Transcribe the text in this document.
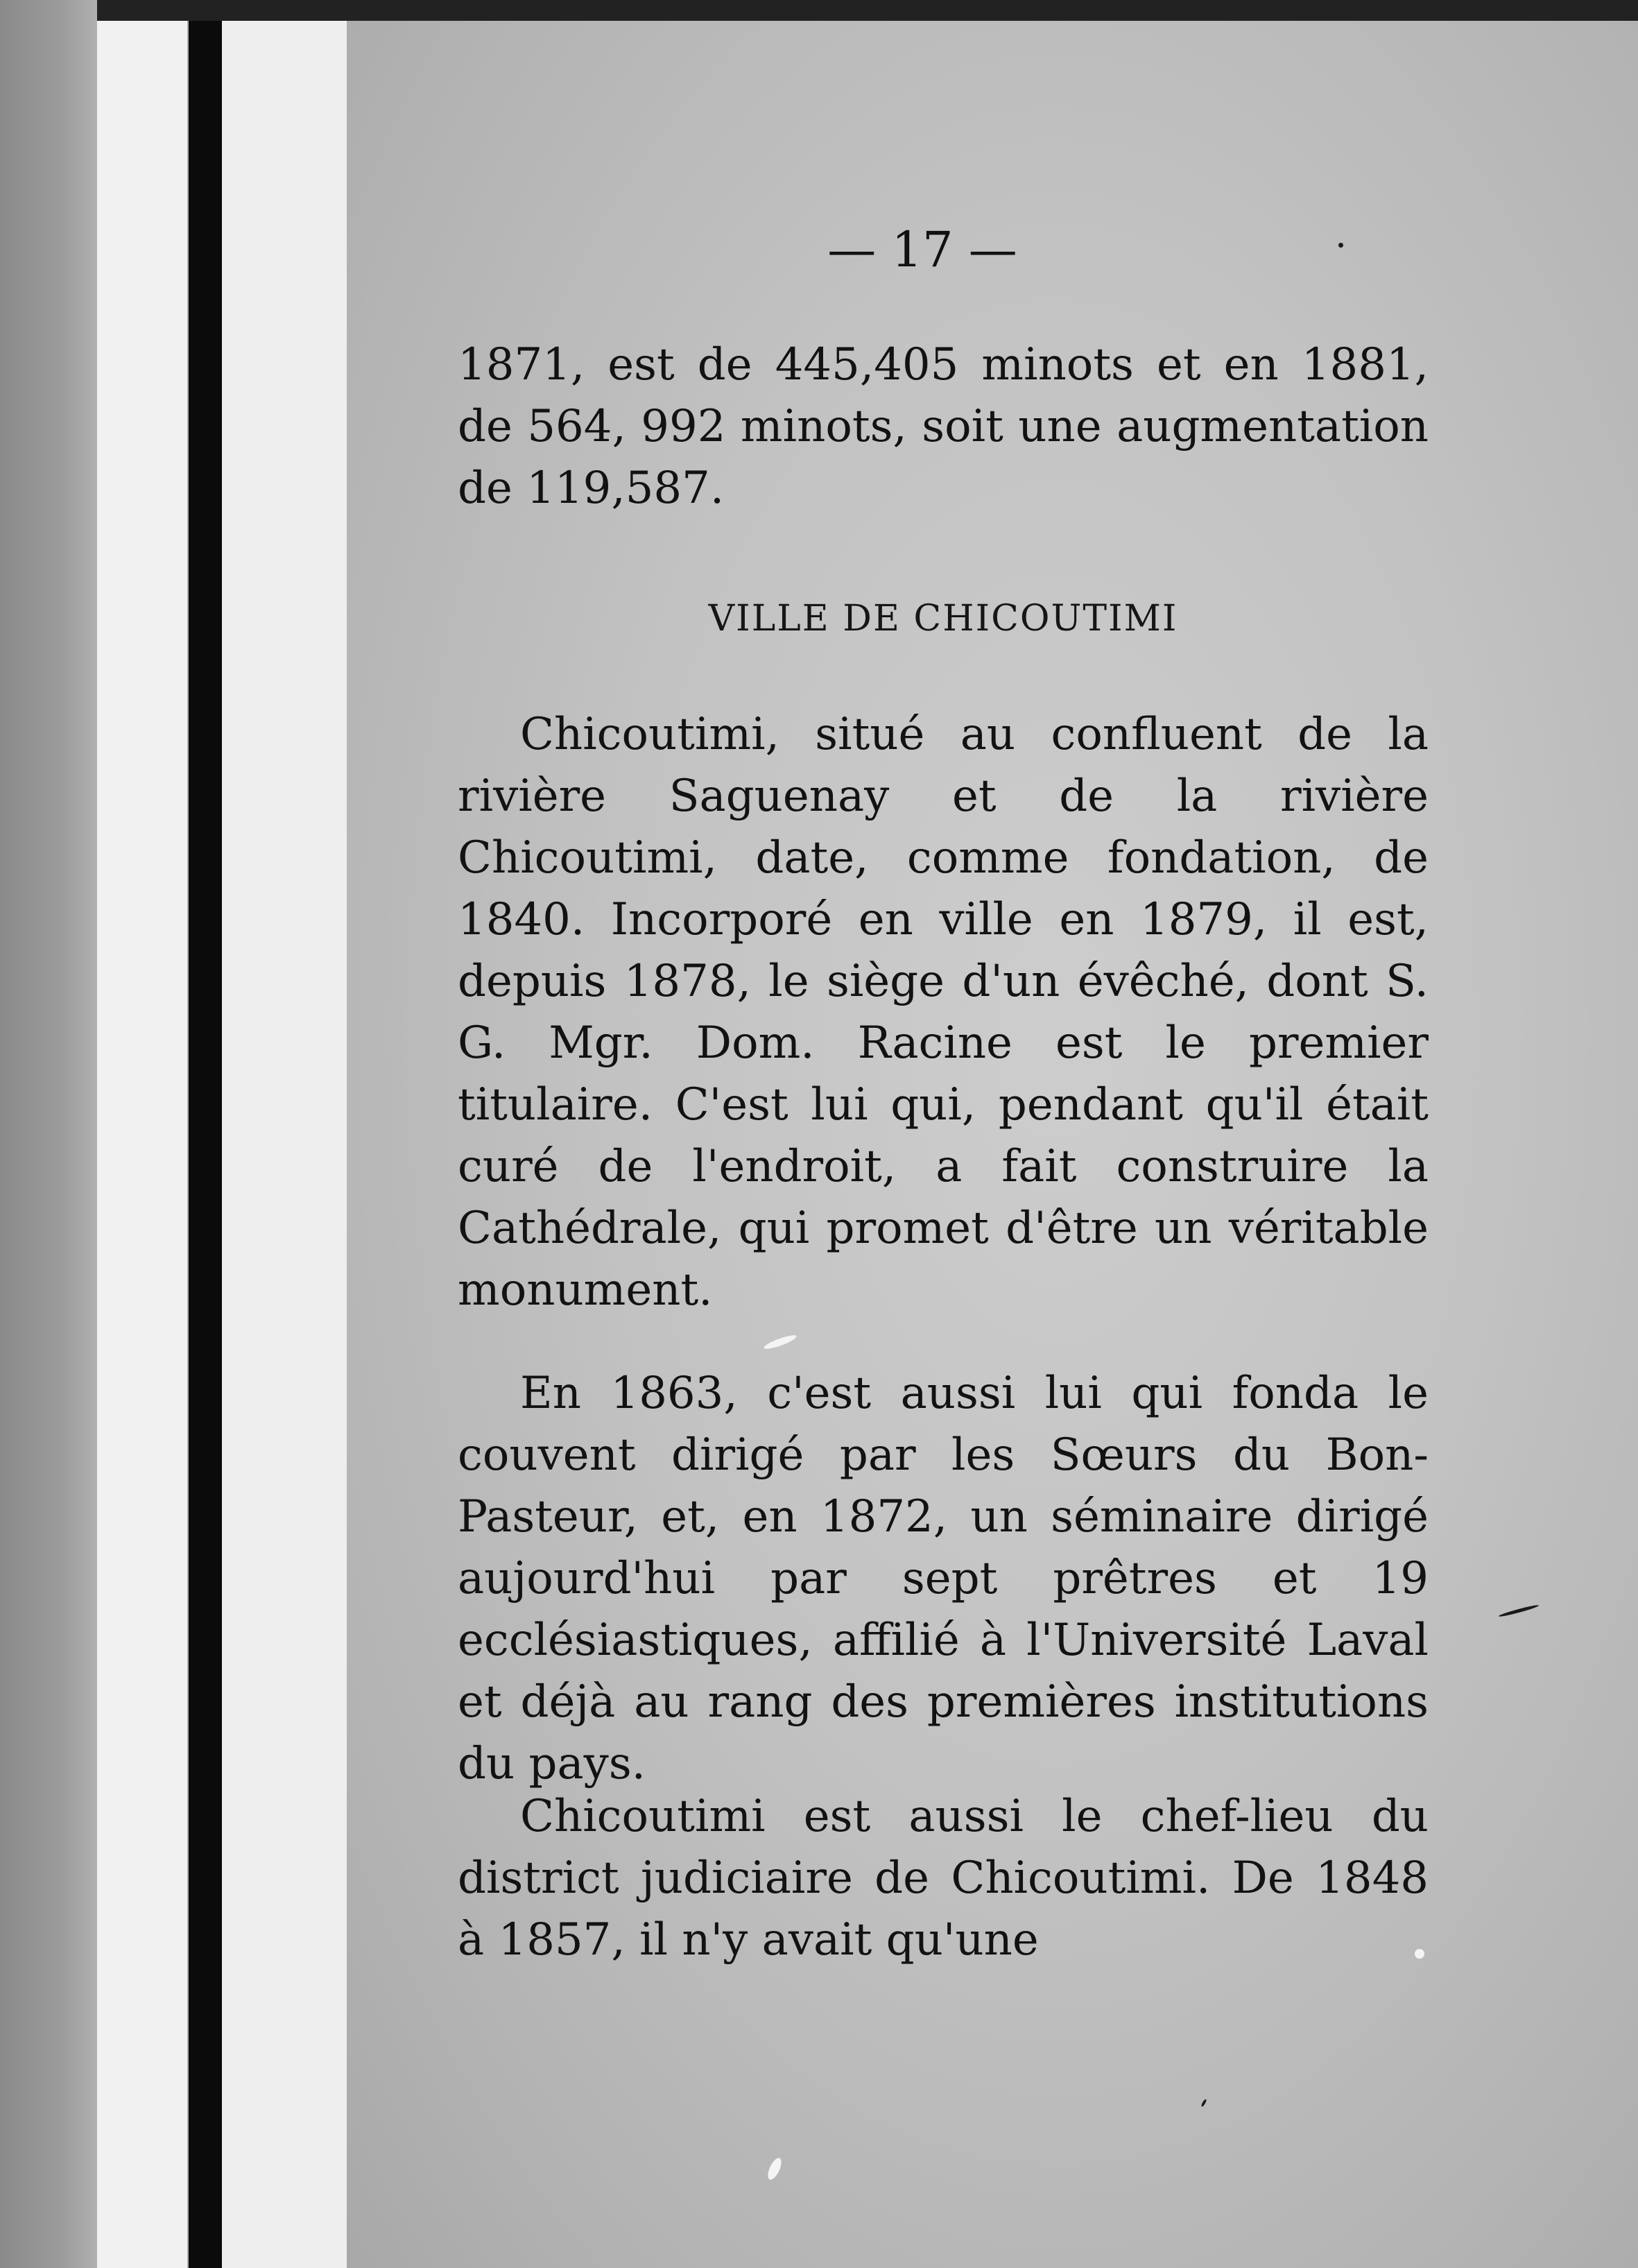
— 17 —

1871, est de 445,405 minots et en 1881, de 564, 992 minots, soit une augmentation de 119,587.

VILLE DE CHICOUTIMI

Chicoutimi, situé au confluent de la rivière Saguenay et de la rivière Chicoutimi, date, comme fondation, de 1840. Incorporé en ville en 1879, il est, depuis 1878, le siège d'un évêché, dont S. G. Mgr. Dom. Racine est le premier titulaire. C'est lui qui, pendant qu'il était curé de l'endroit, a fait construire la Cathédrale, qui promet d'être un véritable monument.

En 1863, c'est aussi lui qui fonda le couvent dirigé par les Sœurs du Bon-Pasteur, et, en 1872, un séminaire dirigé aujourd'hui par sept prêtres et 19 ecclésiastiques, affilié à l'Université Laval et déjà au rang des premières institutions du pays.

Chicoutimi est aussi le chef-lieu du district judiciaire de Chicoutimi. De 1848 à 1857, il n'y avait qu'une
